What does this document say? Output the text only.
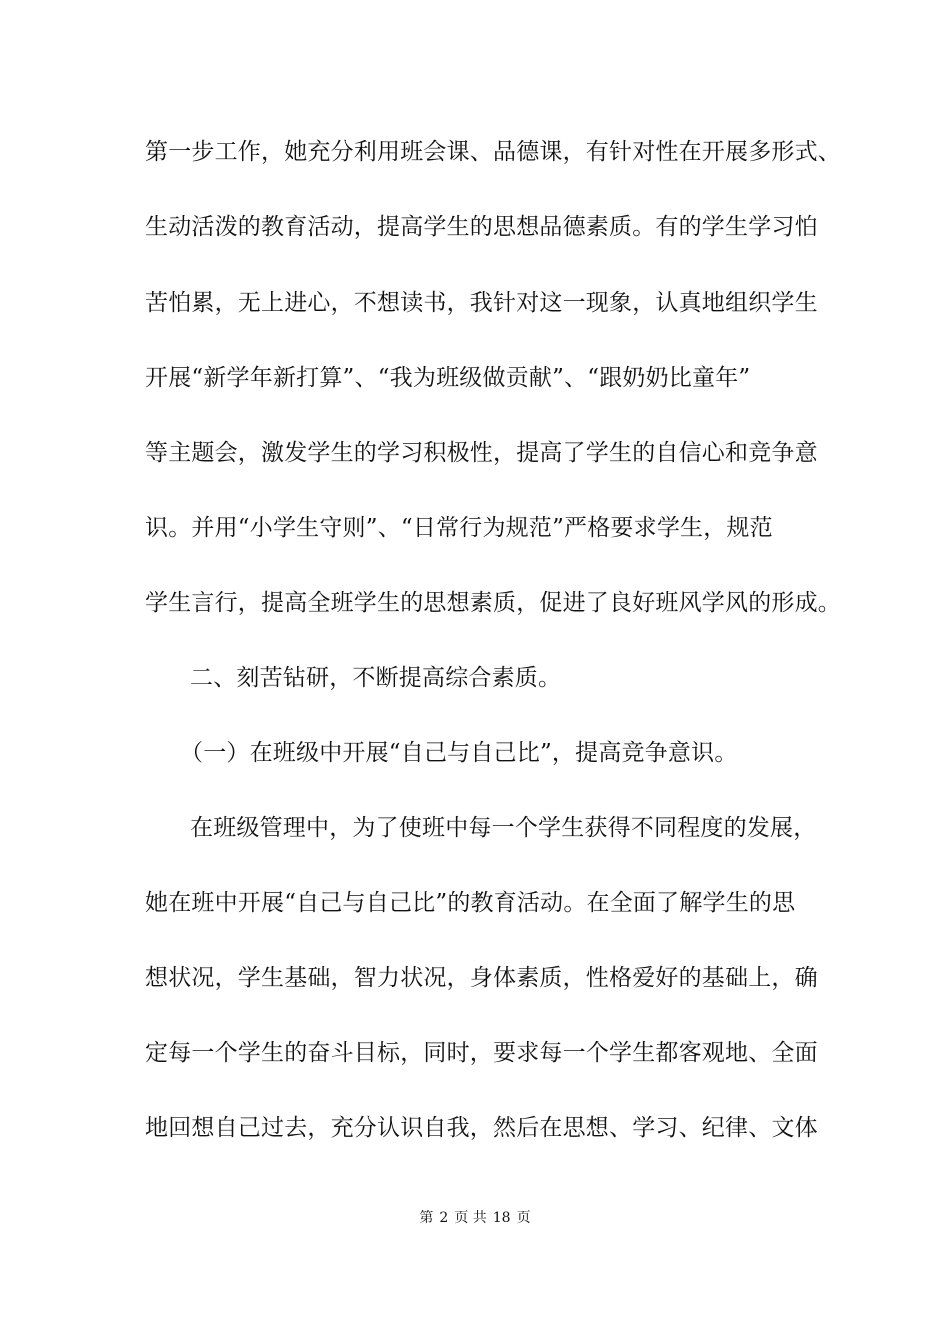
第一步工作，她充分利用班会课、品德课，有针对性在开展多形式、
生动活泼的教育活动，提高学生的思想品德素质。有的学生学习怕
苦怕累，无上进心，不想读书，我针对这一现象，认真地组织学生
开展“新学年新打算”、“我为班级做贡献”、“跟奶奶比童年”
等主题会，激发学生的学习积极性，提高了学生的自信心和竞争意
识。并用“小学生守则”、“日常行为规范”严格要求学生，规范
学生言行，提高全班学生的思想素质，促进了良好班风学风的形成。
二、刻苦钻研，不断提高综合素质。
（一）在班级中开展“自己与自己比”，提高竞争意识。
在班级管理中，为了使班中每一个学生获得不同程度的发展，
她在班中开展“自己与自己比”的教育活动。在全面了解学生的思
想状况，学生基础，智力状况，身体素质，性格爱好的基础上，确
定每一个学生的奋斗目标，同时，要求每一个学生都客观地、全面
地回想自己过去，充分认识自我，然后在思想、学习、纪律、文体
第 2 页 共 18 页
